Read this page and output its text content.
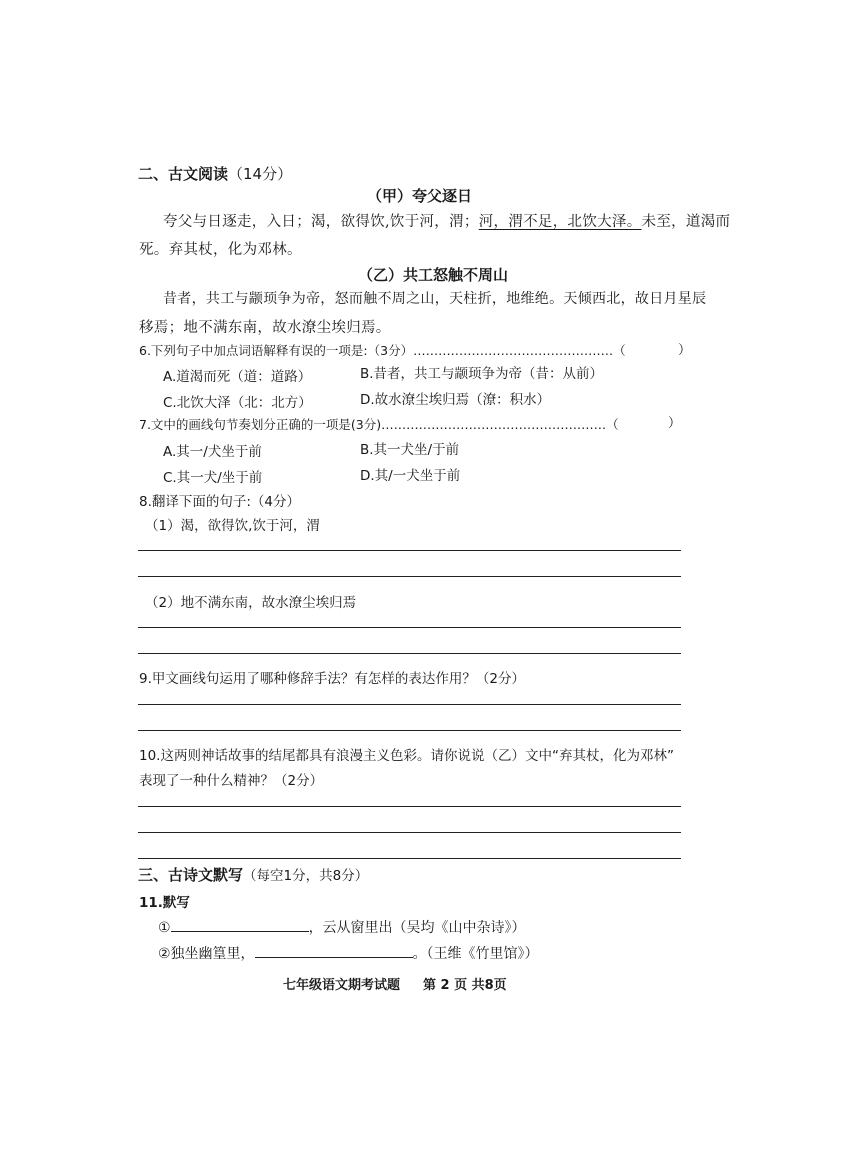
二、古文阅读（14分）
（甲）夸父逐日
夸父与日逐走，入日；渴，欲得饮,饮于河，渭；河，渭不足，北饮大泽。未至，道渴而
死。弃其杖，化为邓林。
（乙）共工怒触不周山
昔者，共工与颛顼争为帝，怒而触不周之山，天柱折，地维绝。天倾西北，故日月星辰
移焉；地不满东南，故水潦尘埃归焉。
6.下列句子中加点词语解释有误的一项是:（3分）…………………………………………（	）
A.道渴而死（道：道路）	B.昔者，共工与颛顼争为帝（昔：从前）
C.北饮大泽（北：北方）	D.故水潦尘埃归焉（潦：积水）
7.文中的画线句节奏划分正确的一项是(3分)………………………………………………（	）
A.其一/犬坐于前	B.其一犬坐/于前
C.其一犬/坐于前	D.其/一犬坐于前
8.翻译下面的句子:（4分）
（1）渴，欲得饮,饮于河，渭
（2）地不满东南，故水潦尘埃归焉
9.甲文画线句运用了哪种修辞手法？有怎样的表达作用？（2分）
10.这两则神话故事的结尾都具有浪漫主义色彩。请你说说（乙）文中“弃其杖，化为邓林”
表现了一种什么精神？（2分）
三、古诗文默写（每空1分，共8分）
11.默写
①	，云从窗里出（吴均《山中杂诗》）
②独坐幽篁里，	。（王维《竹里馆》）
七年级语文期考试题 第 2 页 共8页
